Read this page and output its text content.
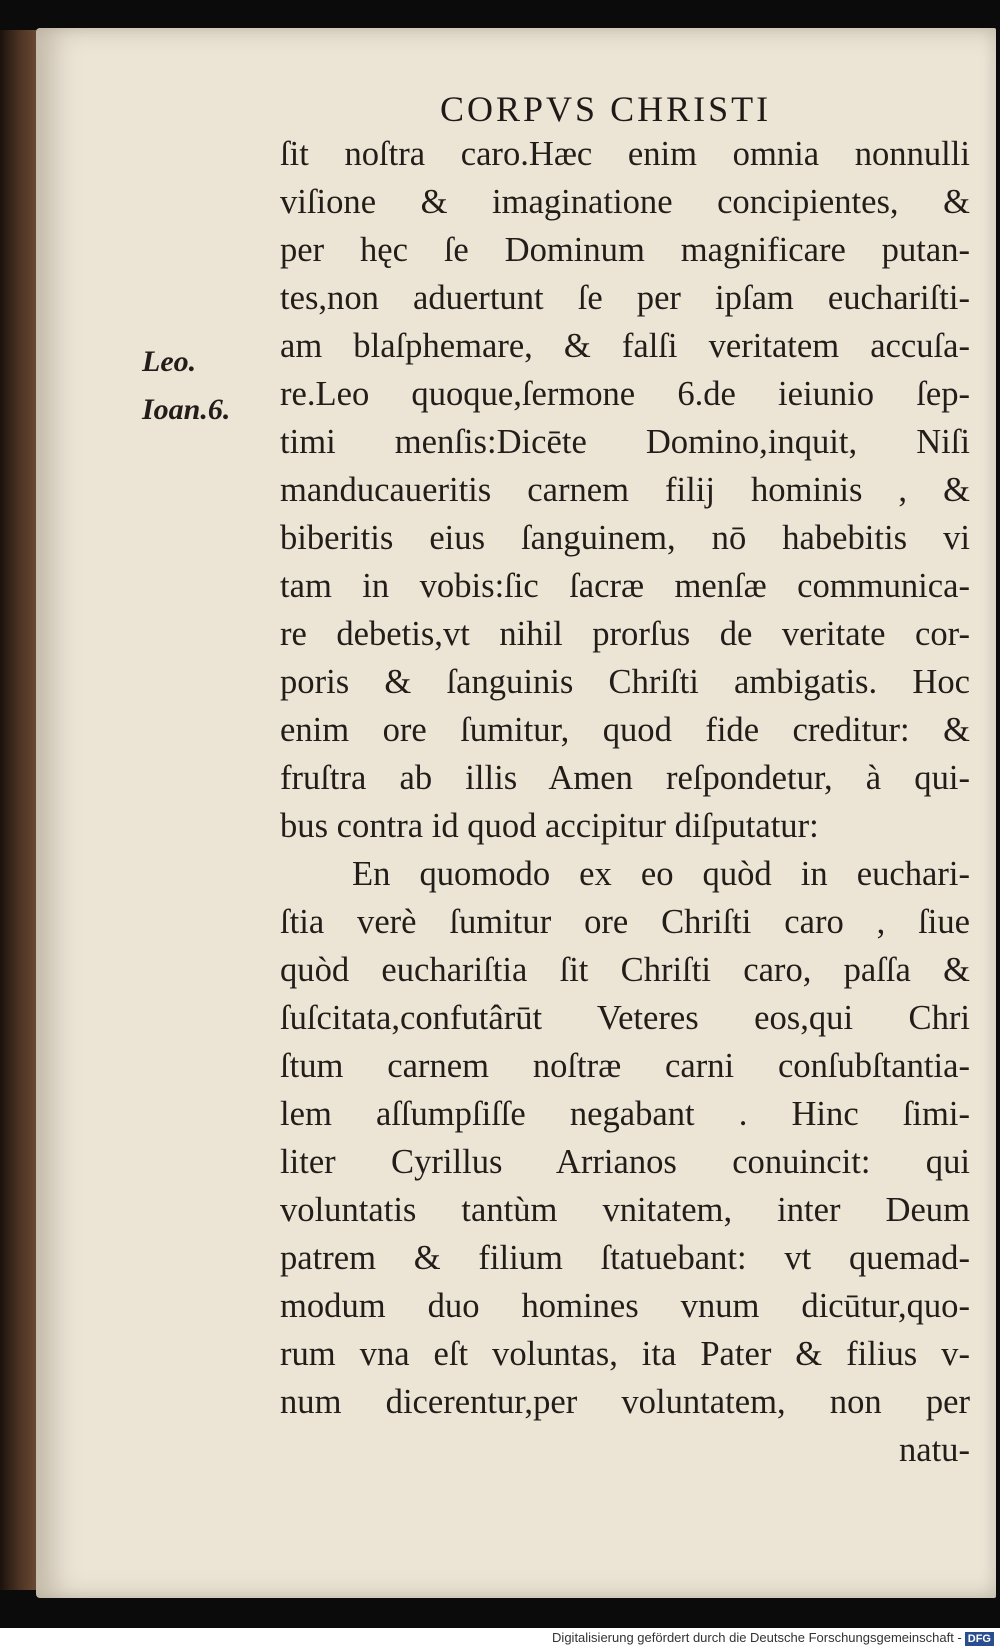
CORPVS CHRISTI
Leo.
Ioan.6.
ſit noſtra caro.Hæc enim omnia nonnulli
viſione & imaginatione concipientes, &
per hęc ſe Dominum magnificare putan-
tes,non aduertunt ſe per ipſam euchariſti-
am blaſphemare, & falſi veritatem accuſa-
re.Leo quoque,ſermone 6.de ieiunio ſep-
timi menſis:Dicēte Domino,inquit, Niſi
manducaueritis carnem filij hominis , &
biberitis eius ſanguinem, nō habebitis vi
tam in vobis:ſic ſacræ menſæ communica-
re debetis,vt nihil prorſus de veritate cor-
poris & ſanguinis Chriſti ambigatis. Hoc
enim ore ſumitur, quod fide creditur: &
fruſtra ab illis Amen reſpondetur, à qui-
bus contra id quod accipitur diſputatur:
En quomodo ex eo quòd in euchari-
ſtia verè ſumitur ore Chriſti caro , ſiue
quòd euchariſtia ſit Chriſti caro, paſſa &
ſuſcitata,confutârūt Veteres eos,qui Chri
ſtum carnem noſtræ carni conſubſtantia-
lem aſſumpſiſſe negabant . Hinc ſimi-
liter Cyrillus Arrianos conuincit: qui
voluntatis tantùm vnitatem, inter Deum
patrem & filium ſtatuebant: vt quemad-
modum duo homines vnum dicūtur,quo-
rum vna eſt voluntas, ita Pater & filius v-
num dicerentur,per voluntatem, non per
natu-
Digitalisierung gefördert durch die Deutsche Forschungsgemeinschaft - DFG
